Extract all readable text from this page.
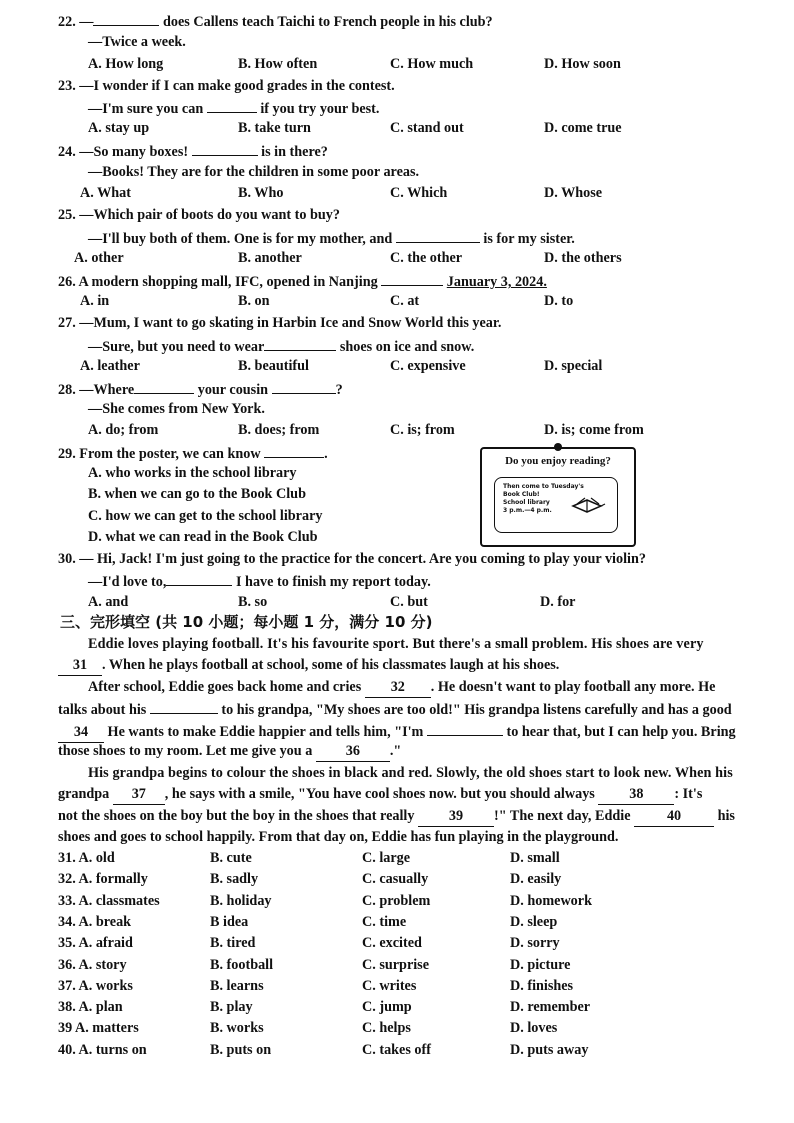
22. —	does Callens teach Taichi to French people in his club?
—Twice a week.
A. How long	B. How often	C. How much	D. How soon
23. —I wonder if I can make good grades in the contest.
—I'm sure you can	if you try your best.
A. stay up	B. take turn	C. stand out	D. come true
24. —So many boxes!	is in there?
—Books! They are for the children in some poor areas.
A. What	B. Who	C. Which	D. Whose
25. —Which pair of boots do you want to buy?
—I'll buy both of them. One is for my mother, and	is for my sister.
A. other	B. another	C. the other	D. the others
26. A modern shopping mall, IFC, opened in Nanjing	January 3, 2024.
A. in	B. on	C. at	D. to
27. —Mum, I want to go skating in Harbin Ice and Snow World this year.
—Sure, but you need to wear	shoes on ice and snow.
A. leather	B. beautiful	C. expensive	D. special
28. —Where	your cousin	?
—She comes from New York.
A. do; from	B. does; from	C. is; from	D. is; come from
29. From the poster, we can know	.
A. who works in the school library
B. when we can go to the Book Club
C. how we can get to the school library
D. what we can read in the Book Club
Do you enjoy reading?
Then come to Tuesday's
Book Club!
School library
3 p.m.—4 p.m.
30. — Hi, Jack! I'm just going to the practice for the concert. Are you coming to play your violin?
—I'd love to,	I have to finish my report today.
A. and	B. so	C. but	D. for
三、完形填空 (共 10 小题；每小题 1 分，满分 10 分)
Eddie loves playing football. It's his favourite sport. But there's a small problem. His shoes are very
31 . When he plays football at school, some of his classmates laugh at his shoes.
After school, Eddie goes back home and cries 32 . He doesn't want to play football any more. He
talks about his	to his grandpa, "My shoes are too old!" His grandpa listens carefully and has a good
34 He wants to make Eddie happier and tells him, "I'm	to hear that, but I can help you. Bring
those shoes to my room. Let me give you a 36 ."
His grandpa begins to colour the shoes in black and red. Slowly, the old shoes start to look new. When his
grandpa 37 , he says with a smile, "You have cool shoes now. but you should always 38 : It's
not the shoes on the boy but the boy in the shoes that really 39 !" The next day, Eddie	40	his
shoes and goes to school happily. From that day on, Eddie has fun playing in the playground.
31. A. old	B. cute	C. large	D. small
32. A. formally	B. sadly	C. casually	D. easily
33. A. classmates	B. holiday	C. problem	D. homework
34. A. break	B idea	C. time	D. sleep
35. A. afraid	B. tired	C. excited	D. sorry
36. A. story	B. football	C. surprise	D. picture
37. A. works	B. learns	C. writes	D. finishes
38. A. plan	B. play	C. jump	D. remember
39 A. matters	B. works	C. helps	D. loves
40. A. turns on	B. puts on	C. takes off	D. puts away
